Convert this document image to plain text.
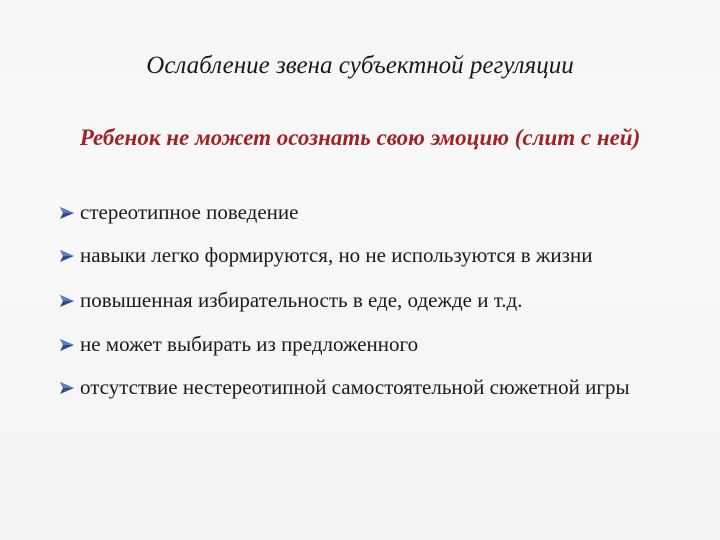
Ослабление звена субъектной регуляции
Ребенок не может осознать свою эмоцию (слит с ней)
стереотипное поведение
навыки легко формируются, но не используются в жизни
повышенная избирательность в еде, одежде и т.д.
не может выбирать из предложенного
отсутствие нестереотипной самостоятельной сюжетной игры
